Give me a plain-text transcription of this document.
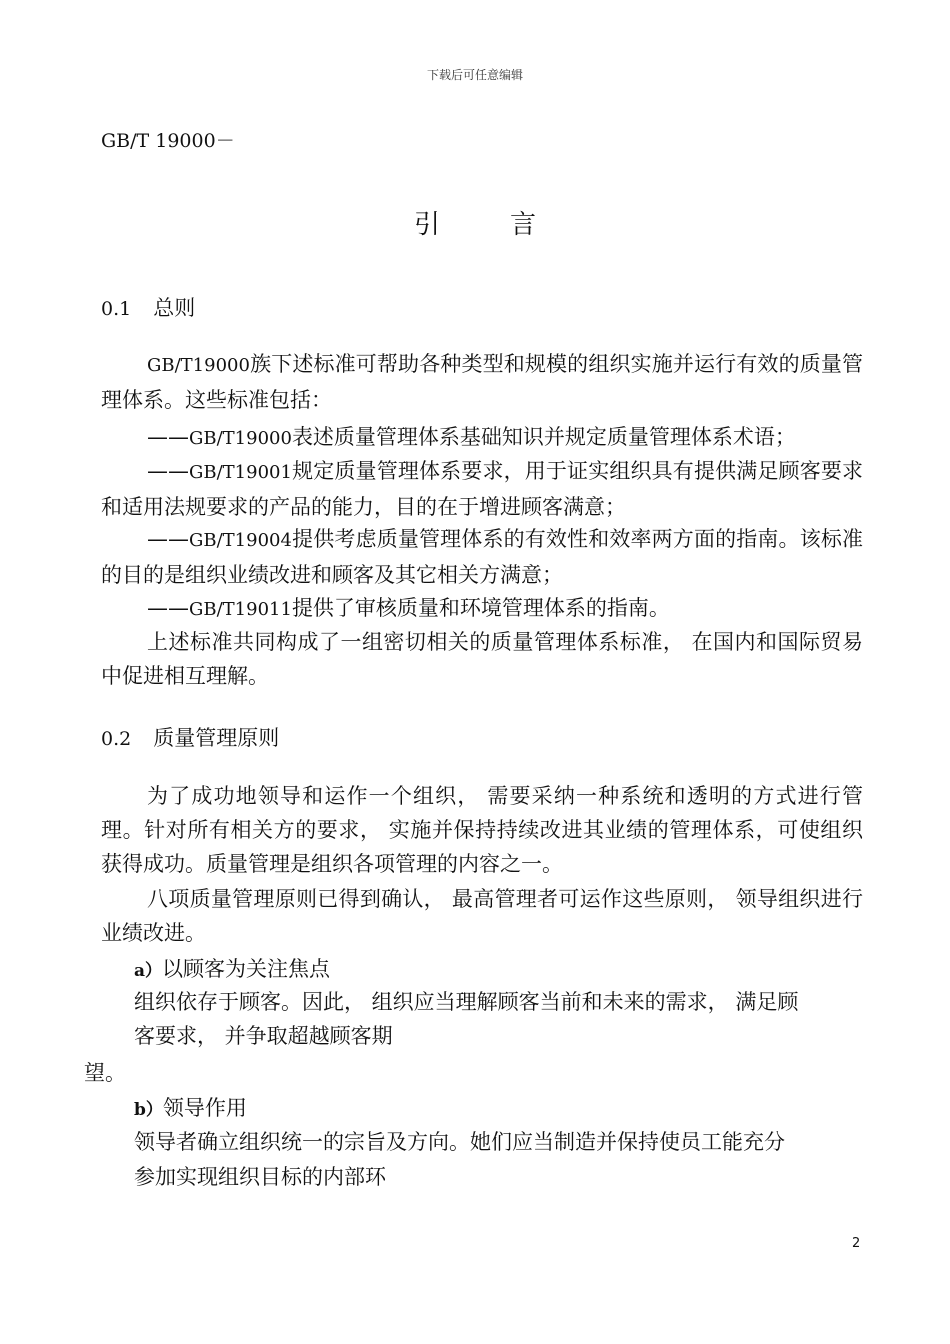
下载后可任意编辑
GB/T 19000－
引	言
0.1 总则
GB/T19000族下述标准可帮助各种类型和规模的组织实施并运行有效的质量管理体系。这些标准包括：
——GB/T19000表述质量管理体系基础知识并规定质量管理体系术语；
——GB/T19001规定质量管理体系要求，用于证实组织具有提供满足顾客要求和适用法规要求的产品的能力，目的在于增进顾客满意；
——GB/T19004提供考虑质量管理体系的有效性和效率两方面的指南。该标准的目的是组织业绩改进和顾客及其它相关方满意；
——GB/T19011提供了审核质量和环境管理体系的指南。
上述标准共同构成了一组密切相关的质量管理体系标准， 在国内和国际贸易中促进相互理解。
0.2 质量管理原则
为了成功地领导和运作一个组织， 需要采纳一种系统和透明的方式进行管理。针对所有相关方的要求， 实施并保持持续改进其业绩的管理体系，可使组织获得成功。质量管理是组织各项管理的内容之一。
八项质量管理原则已得到确认， 最高管理者可运作这些原则， 领导组织进行业绩改进。
a）以顾客为关注焦点
组织依存于顾客。因此， 组织应当理解顾客当前和未来的需求， 满足顾
客要求， 并争取超越顾客期
望。
b）领导作用
领导者确立组织统一的宗旨及方向。她们应当制造并保持使员工能充分
参加实现组织目标的内部环
2
